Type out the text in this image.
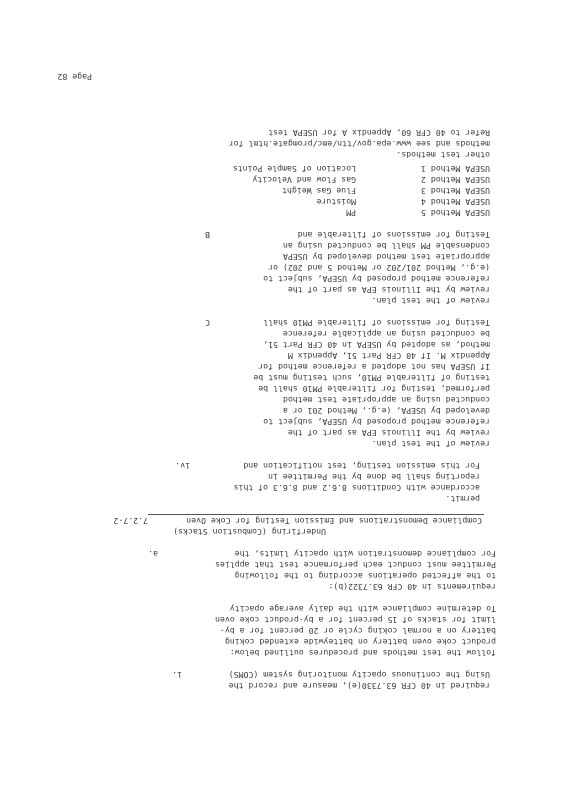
Page 82
Refer to 40 CFR 60, Appendix A for USEPA test
methods and see www.epa.gov/ttn/emc/promgate.html for
other test methods.
Location of Sample Points	USEPA Method 1
Gas Flow and Velocity	USEPA Method 2
Flue Gas Weight	USEPA Method 3
Moisture	USEPA Method 4
PM	USEPA Method 5
B	Testing for emissions of filterable and
condensable PM shall be conducted using an
appropriate test method developed by USEPA
(e.g., Method 201/202 or Method 5 and 202) or
reference method proposed by USEPA, subject to
review by the Illinois EPA as part of the
review of the test plan.
C	Testing for emissions of filterable PM10 shall
be conducted using an applicable reference
method, as adopted by USEPA in 40 CFR Part 51,
Appendix M. If 40 CFR Part 51, Appendix M
If USEPA has not adopted a reference method for
testing of filterable PM10, such testing must be
performed, testing for filterable PM10 shall be
conducted using an appropriate test method
developed by USEPA, (e.g., Method 201 or a
reference method proposed by USEPA, subject to
review by the Illinois EPA as part of the
review of the test plan.
iv.	For this emission testing, test notification and
reporting shall be done by the Permittee in
accordance with Conditions 8.6.2 and 8.6.3 of this
permit.
7.2.7-2	Compliance Demonstrations and Emission Testing for Coke Oven
Underfiring (Combustion Stacks)
a.	For compliance demonstration with opacity limits, the
Permittee must conduct each performance test that applies
to the affected operations according to the following
requirements in 40 CFR 63.7322(b):
To determine compliance with the daily average opacity
limit for stacks of 15 percent for a by-product coke oven
battery on a normal coking cycle or 20 percent for a by-
product coke oven battery on batteywide extended coking
follow the test methods and procedures outlined below:
i.	Using the continuous opacity monitoring system (COMS)
required in 40 CFR 63.7330(e), measure and record the
